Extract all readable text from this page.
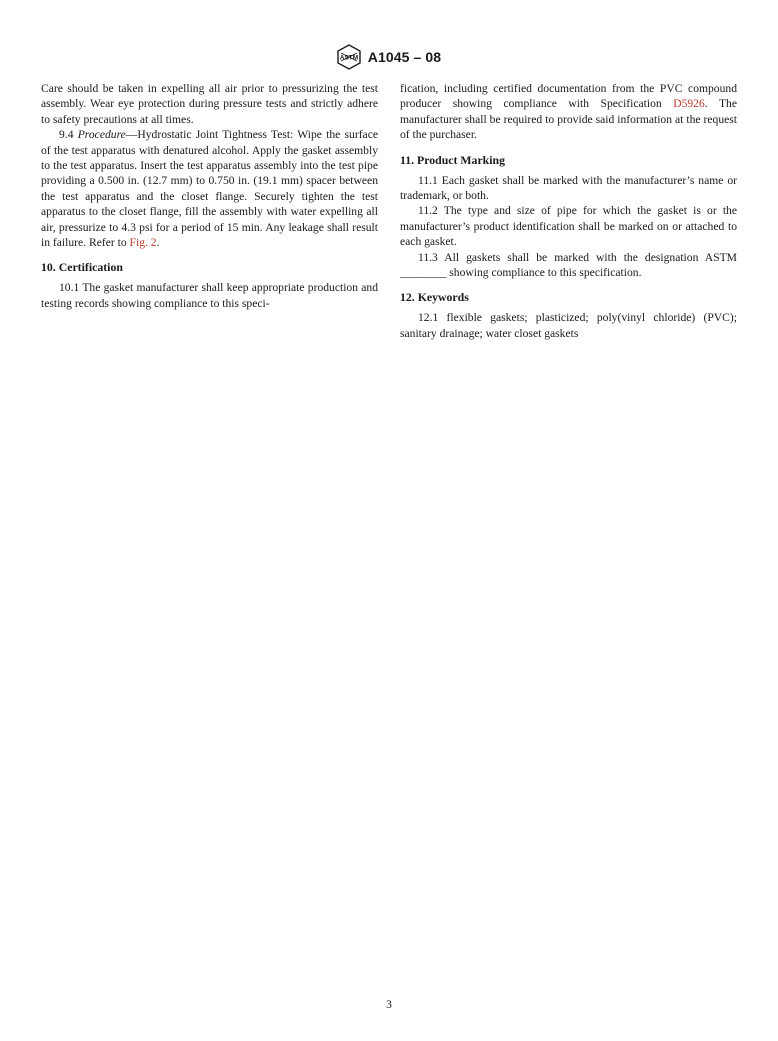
ASTM A1045 – 08

Care should be taken in expelling all air prior to pressurizing the test assembly. Wear eye protection during pressure tests and strictly adhere to safety precautions at all times.

9.4 Procedure—Hydrostatic Joint Tightness Test: Wipe the surface of the test apparatus with denatured alcohol. Apply the gasket assembly to the test apparatus. Insert the test apparatus assembly into the test pipe providing a 0.500 in. (12.7 mm) to 0.750 in. (19.1 mm) spacer between the test apparatus and the closet flange. Securely tighten the test apparatus to the closet flange, fill the assembly with water expelling all air, pressurize to 4.3 psi for a period of 15 min. Any leakage shall result in failure. Refer to Fig. 2.

10. Certification

10.1 The gasket manufacturer shall keep appropriate production and testing records showing compliance to this speci-

fication, including certified documentation from the PVC compound producer showing compliance with Specification D5926. The manufacturer shall be required to provide said information at the request of the purchaser.

11. Product Marking

11.1 Each gasket shall be marked with the manufacturer’s name or trademark, or both.

11.2 The type and size of pipe for which the gasket is or the manufacturer’s product identification shall be marked on or attached to each gasket.

11.3 All gaskets shall be marked with the designation ASTM ________ showing compliance to this specification.

12. Keywords

12.1 flexible gaskets; plasticized; poly(vinyl chloride) (PVC); sanitary drainage; water closet gaskets

3
